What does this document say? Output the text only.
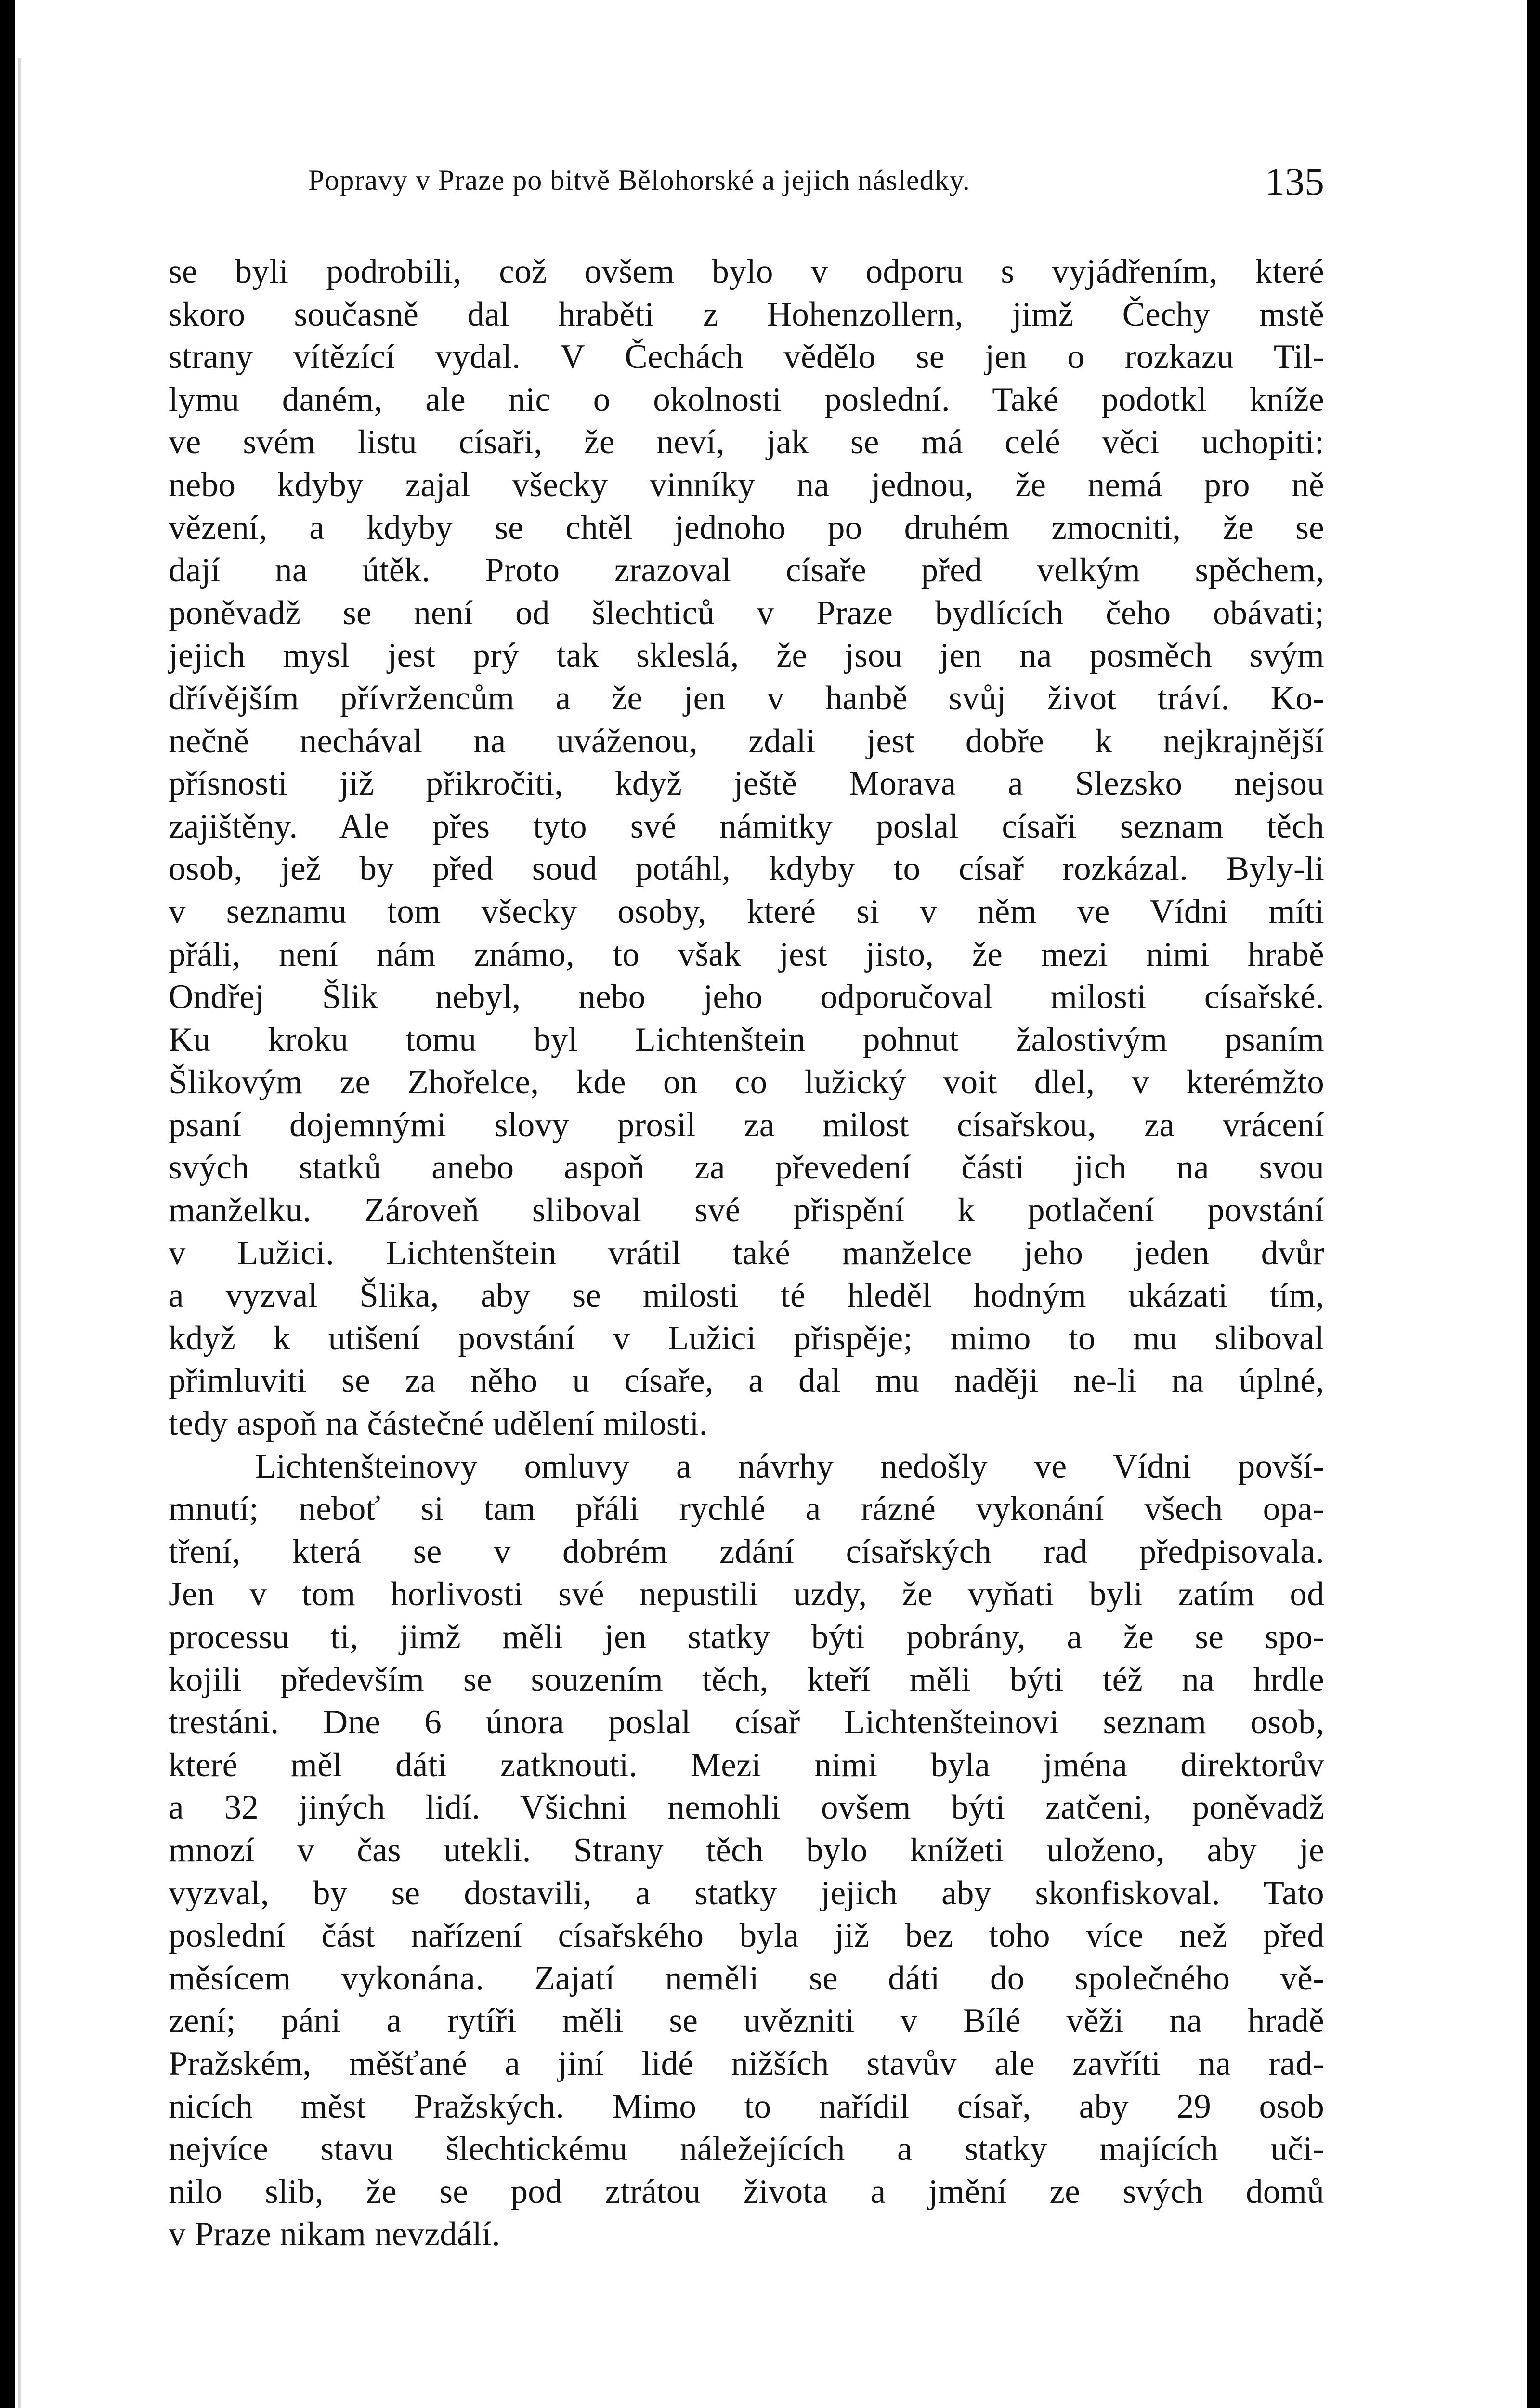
Popravy v Praze po bitvě Bělohorské a jejich následky.	135
se byli podrobili, což ovšem bylo v odporu s vyjádřením, které
skoro současně dal hraběti z Hohenzollern, jimž Čechy mstě
strany vítězící vydal. V Čechách vědělo se jen o rozkazu Til-
lymu daném, ale nic o okolnosti poslední. Také podotkl kníže
ve svém listu císaři, že neví, jak se má celé věci uchopiti:
nebo kdyby zajal všecky vinníky na jednou, že nemá pro ně
vězení, a kdyby se chtěl jednoho po druhém zmocniti, že se
dají na útěk. Proto zrazoval císaře před velkým spěchem,
poněvadž se není od šlechticů v Praze bydlících čeho obávati;
jejich mysl jest prý tak skleslá, že jsou jen na posměch svým
dřívějším přívržencům a že jen v hanbě svůj život tráví. Ko-
nečně nechával na uváženou, zdali jest dobře k nejkrajnější
přísnosti již přikročiti, když ještě Morava a Slezsko nejsou
zajištěny. Ale přes tyto své námitky poslal císaři seznam těch
osob, jež by před soud potáhl, kdyby to císař rozkázal. Byly-li
v seznamu tom všecky osoby, které si v něm ve Vídni míti
přáli, není nám známo, to však jest jisto, že mezi nimi hrabě
Ondřej Šlik nebyl, nebo jeho odporučoval milosti císařské.
Ku kroku tomu byl Lichtenštein pohnut žalostivým psaním
Šlikovým ze Zhořelce, kde on co lužický voit dlel, v kterémžto
psaní dojemnými slovy prosil za milost císařskou, za vrácení
svých statků anebo aspoň za převedení části jich na svou
manželku. Zároveň sliboval své přispění k potlačení povstání
v Lužici. Lichtenštein vrátil také manželce jeho jeden dvůr
a vyzval Šlika, aby se milosti té hleděl hodným ukázati tím,
když k utišení povstání v Lužici přispěje; mimo to mu sliboval
přimluviti se za něho u císaře, a dal mu naději ne-li na úplné,
tedy aspoň na částečné udělení milosti.
Lichtenšteinovy omluvy a návrhy nedošly ve Vídni povší-
mnutí; neboť si tam přáli rychlé a rázné vykonání všech opa-
tření, která se v dobrém zdání císařských rad předpisovala.
Jen v tom horlivosti své nepustili uzdy, že vyňati byli zatím od
processu ti, jimž měli jen statky býti pobrány, a že se spo-
kojili především se souzením těch, kteří měli býti též na hrdle
trestáni. Dne 6 února poslal císař Lichtenšteinovi seznam osob,
které měl dáti zatknouti. Mezi nimi byla jména direktorův
a 32 jiných lidí. Všichni nemohli ovšem býti zatčeni, poněvadž
mnozí v čas utekli. Strany těch bylo knížeti uloženo, aby je
vyzval, by se dostavili, a statky jejich aby skonfiskoval. Tato
poslední část nařízení císařského byla již bez toho více než před
měsícem vykonána. Zajatí neměli se dáti do společného vě-
zení; páni a rytíři měli se uvězniti v Bílé věži na hradě
Pražském, měšťané a jiní lidé nižších stavův ale zavříti na rad-
nicích měst Pražských. Mimo to nařídil císař, aby 29 osob
nejvíce stavu šlechtickému náležejících a statky majících uči-
nilo slib, že se pod ztrátou života a jmění ze svých domů
v Praze nikam nevzdálí.
